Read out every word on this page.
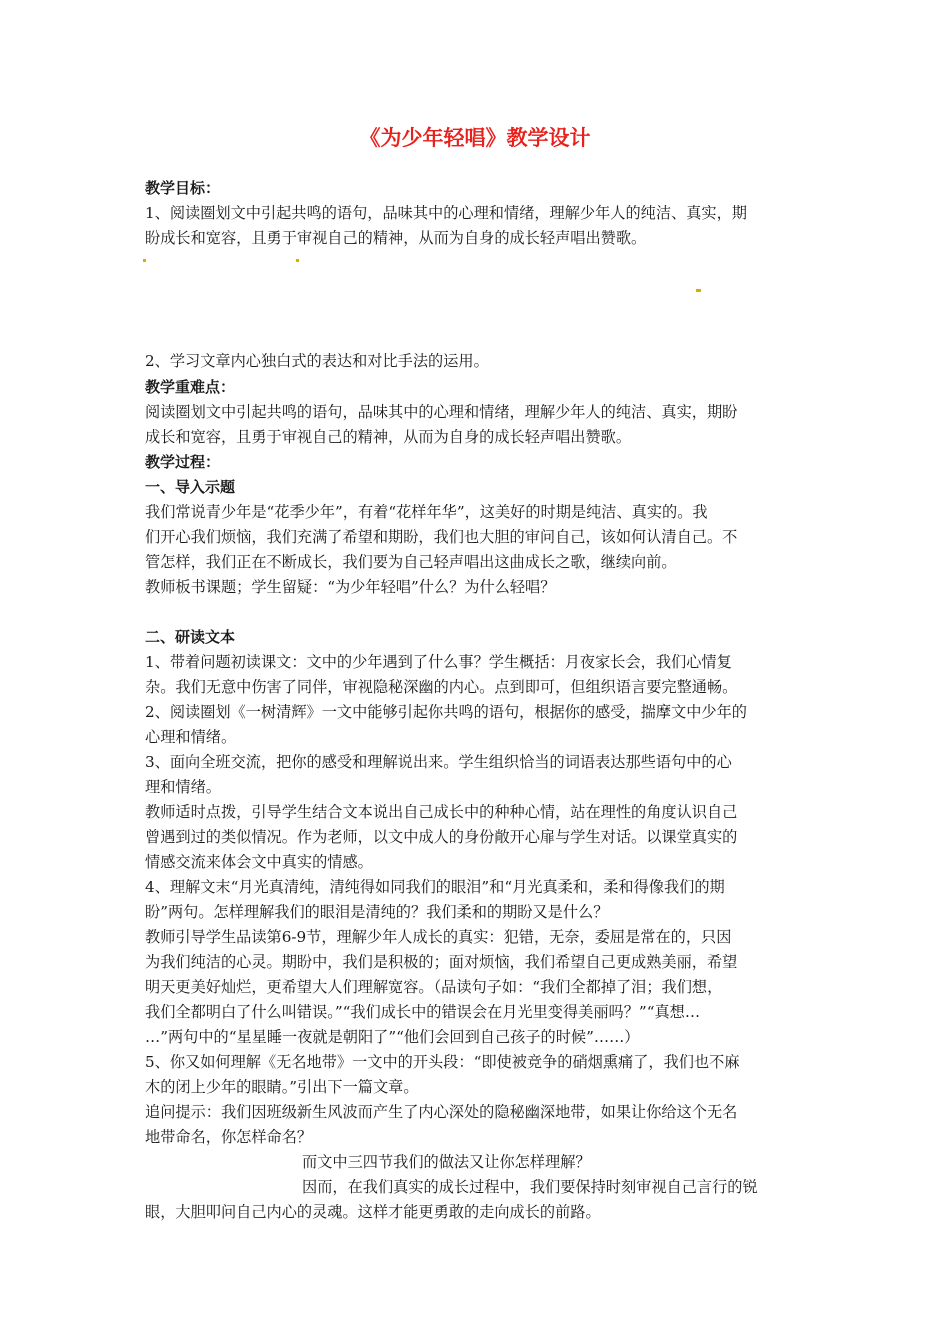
《为少年轻唱》教学设计
教学目标：
1、阅读圈划文中引起共鸣的语句，品味其中的心理和情绪，理解少年人的纯洁、真实，期
盼成长和宽容，且勇于审视自己的精神，从而为自身的成长轻声唱出赞歌。
2、学习文章内心独白式的表达和对比手法的运用。
教学重难点：
阅读圈划文中引起共鸣的语句，品味其中的心理和情绪，理解少年人的纯洁、真实，期盼
成长和宽容，且勇于审视自己的精神，从而为自身的成长轻声唱出赞歌。
教学过程：
一、导入示题
我们常说青少年是“花季少年”，有着“花样年华”，这美好的时期是纯洁、真实的。我
们开心我们烦恼，我们充满了希望和期盼，我们也大胆的审问自己，该如何认清自己。不
管怎样，我们正在不断成长，我们要为自己轻声唱出这曲成长之歌，继续向前。
教师板书课题；学生留疑：“为少年轻唱”什么？为什么轻唱？
二、研读文本
1、带着问题初读课文：文中的少年遇到了什么事？学生概括：月夜家长会，我们心情复
杂。我们无意中伤害了同伴，审视隐秘深幽的内心。点到即可，但组织语言要完整通畅。
2、阅读圈划《一树清辉》一文中能够引起你共鸣的语句，根据你的感受，揣摩文中少年的
心理和情绪。
3、面向全班交流，把你的感受和理解说出来。学生组织恰当的词语表达那些语句中的心
理和情绪。
教师适时点拨，引导学生结合文本说出自己成长中的种种心情，站在理性的角度认识自己
曾遇到过的类似情况。作为老师，以文中成人的身份敞开心扉与学生对话。以课堂真实的
情感交流来体会文中真实的情感。
4、理解文末“月光真清纯，清纯得如同我们的眼泪”和“月光真柔和，柔和得像我们的期
盼”两句。怎样理解我们的眼泪是清纯的？我们柔和的期盼又是什么？
教师引导学生品读第6-9节，理解少年人成长的真实：犯错，无奈，委屈是常在的，只因
为我们纯洁的心灵。期盼中，我们是积极的；面对烦恼，我们希望自己更成熟美丽，希望
明天更美好灿烂，更希望大人们理解宽容。（品读句子如：“我们全都掉了泪；我们想，
我们全都明白了什么叫错误。”“我们成长中的错误会在月光里变得美丽吗？”“真想…
…”两句中的“星星睡一夜就是朝阳了”“他们会回到自己孩子的时候”……）
5、你又如何理解《无名地带》一文中的开头段：“即使被竞争的硝烟熏痛了，我们也不麻
木的闭上少年的眼睛。”引出下一篇文章。
追问提示：我们因班级新生风波而产生了内心深处的隐秘幽深地带，如果让你给这个无名
地带命名，你怎样命名？
而文中三四节我们的做法又让你怎样理解？
因而，在我们真实的成长过程中，我们要保持时刻审视自己言行的锐
眼，大胆叩问自己内心的灵魂。这样才能更勇敢的走向成长的前路。
